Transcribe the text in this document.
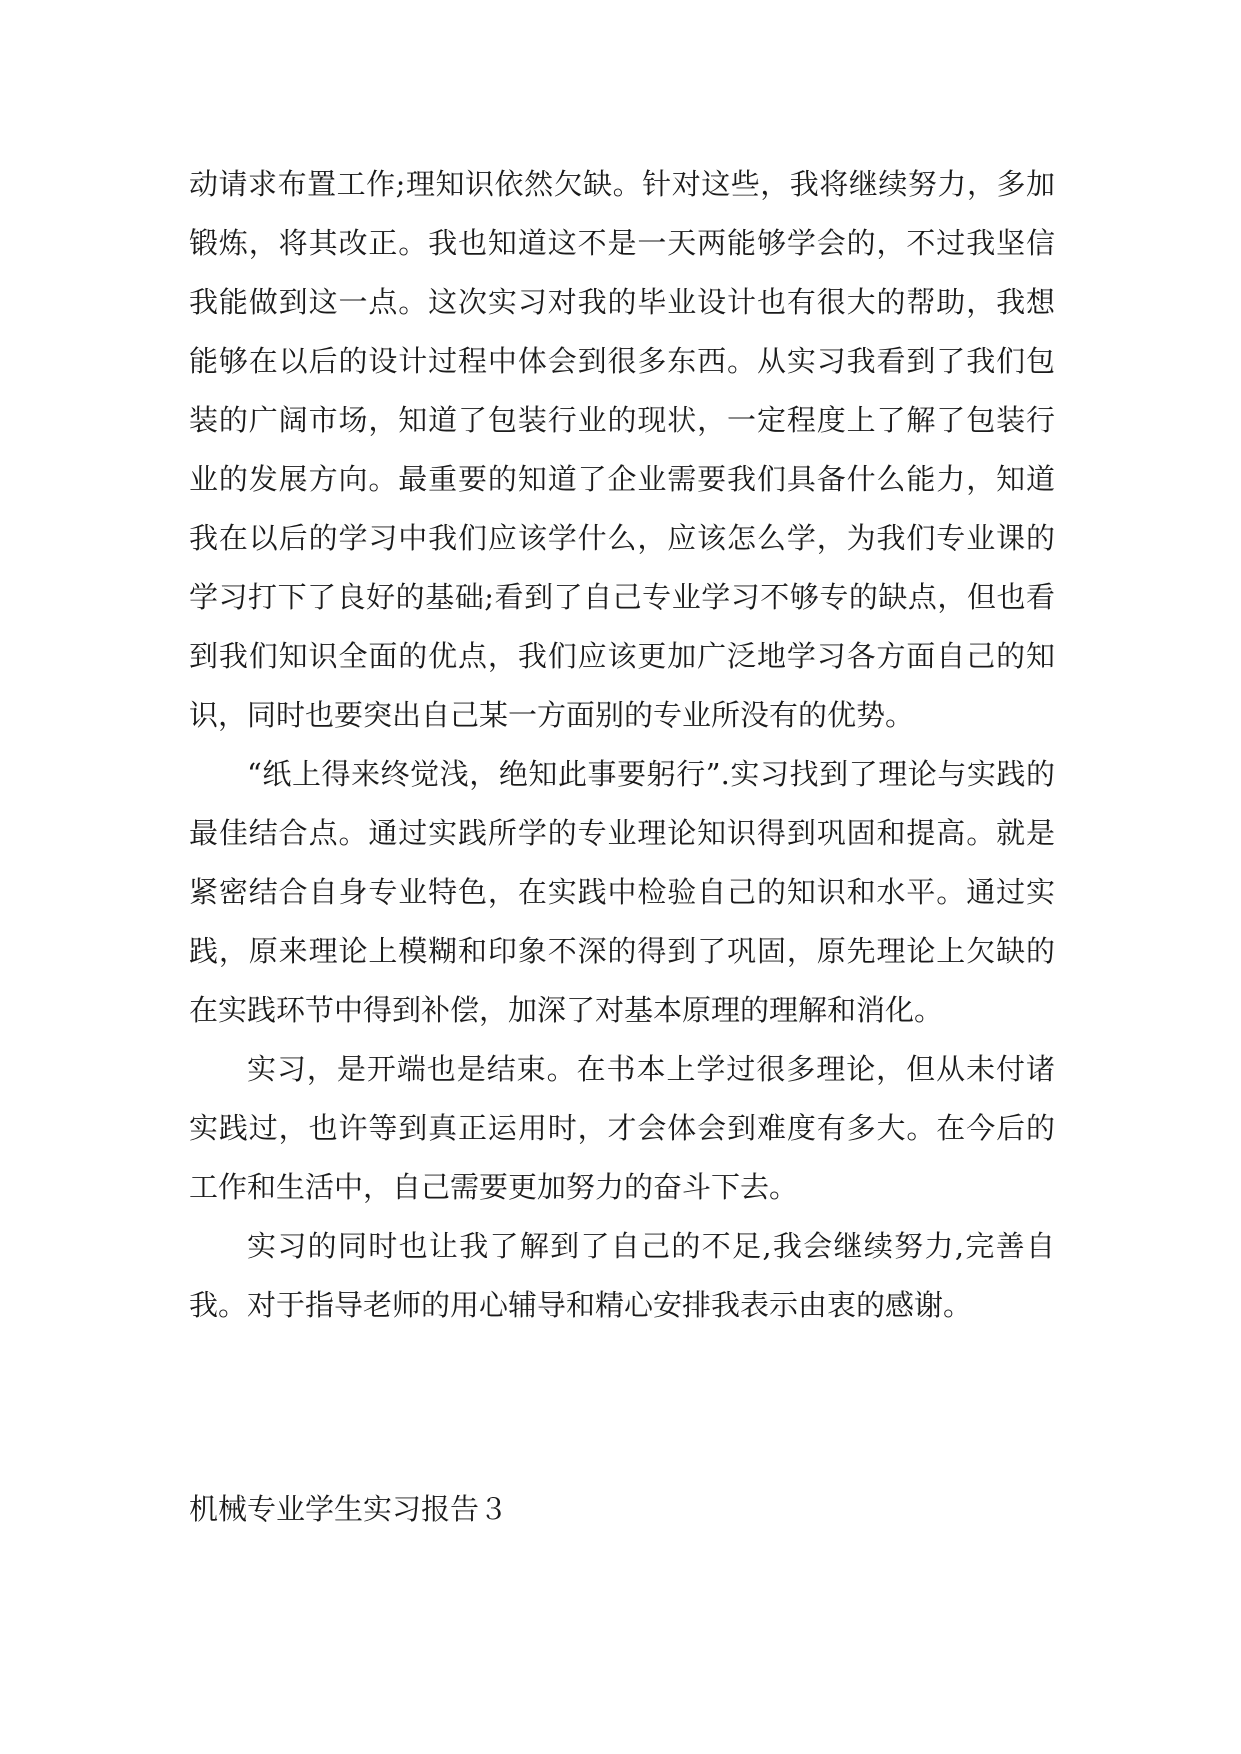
动请求布置工作;理知识依然欠缺。针对这些，我将继续努力，多加锻炼，将其改正。我也知道这不是一天两能够学会的，不过我坚信我能做到这一点。这次实习对我的毕业设计也有很大的帮助，我想能够在以后的设计过程中体会到很多东西。从实习我看到了我们包装的广阔市场，知道了包装行业的现状，一定程度上了解了包装行业的发展方向。最重要的知道了企业需要我们具备什么能力，知道我在以后的学习中我们应该学什么，应该怎么学，为我们专业课的学习打下了良好的基础;看到了自己专业学习不够专的缺点，但也看到我们知识全面的优点，我们应该更加广泛地学习各方面自己的知识，同时也要突出自己某一方面别的专业所没有的优势。

“纸上得来终觉浅，绝知此事要躬行”.实习找到了理论与实践的最佳结合点。通过实践所学的专业理论知识得到巩固和提高。就是紧密结合自身专业特色，在实践中检验自己的知识和水平。通过实践，原来理论上模糊和印象不深的得到了巩固，原先理论上欠缺的在实践环节中得到补偿，加深了对基本原理的理解和消化。

实习，是开端也是结束。在书本上学过很多理论，但从未付诸实践过，也许等到真正运用时，才会体会到难度有多大。在今后的工作和生活中，自己需要更加努力的奋斗下去。

实习的同时也让我了解到了自己的不足,我会继续努力,完善自我。对于指导老师的用心辅导和精心安排我表示由衷的感谢。

机械专业学生实习报告３
